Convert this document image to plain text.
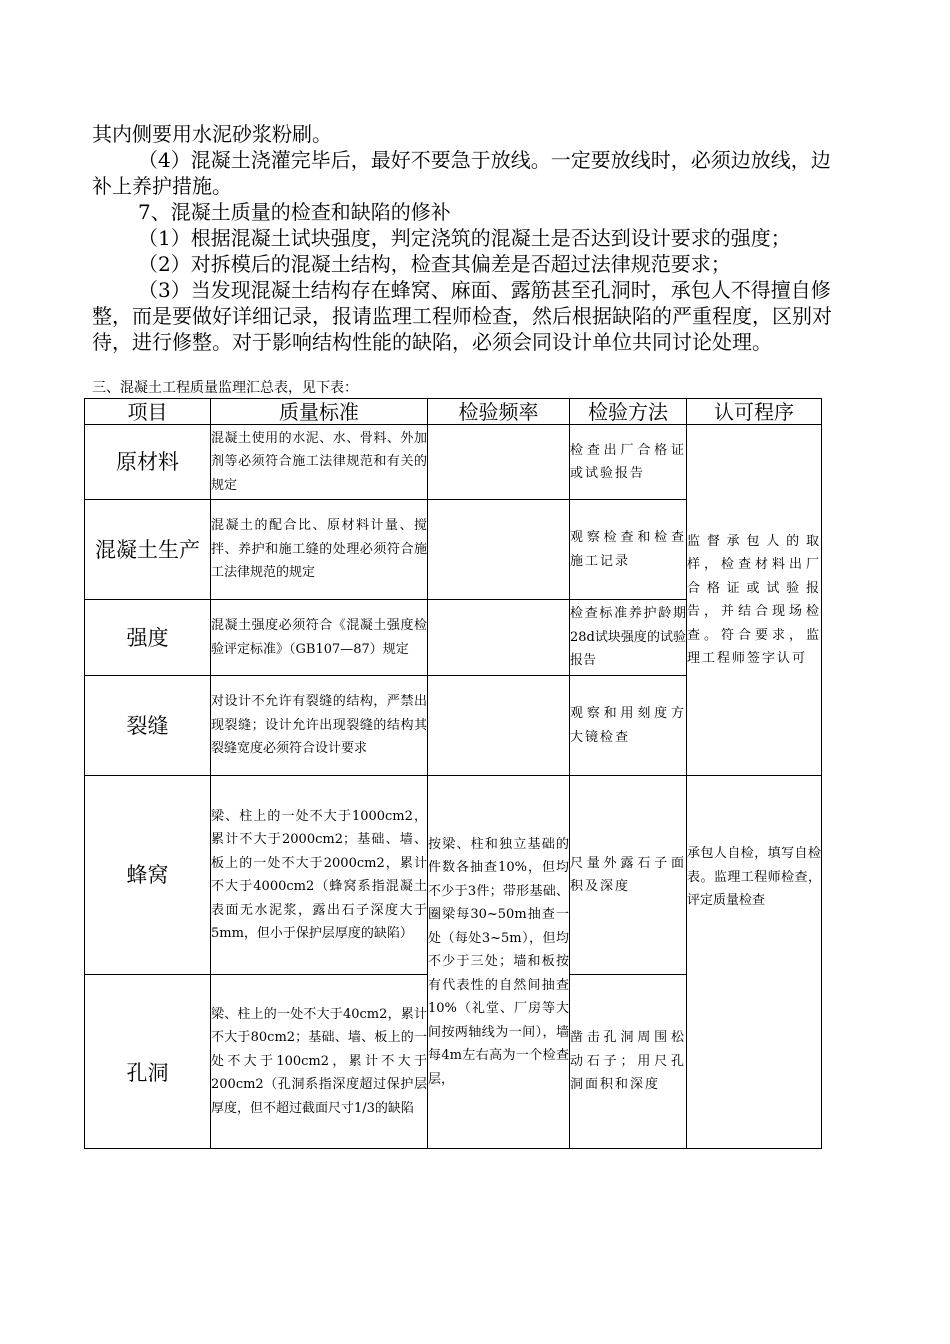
其内侧要用水泥砂浆粉刷。
（4）混凝土浇灌完毕后，最好不要急于放线。一定要放线时，必须边放线，边补上养护措施。
7、混凝土质量的检查和缺陷的修补
（1）根据混凝土试块强度，判定浇筑的混凝土是否达到设计要求的强度；
（2）对拆模后的混凝土结构，检查其偏差是否超过法律规范要求；
（3）当发现混凝土结构存在蜂窝、麻面、露筋甚至孔洞时，承包人不得擅自修整，而是要做好详细记录，报请监理工程师检查，然后根据缺陷的严重程度，区别对待，进行修整。对于影响结构性能的缺陷，必须会同设计单位共同讨论处理。
三、混凝土工程质量监理汇总表，见下表：
项目	质量标准	检验频率	检验方法	认可程序
原材料	混凝土使用的水泥、水、骨料、外加剂等必须符合施工法律规范和有关的规定		检查出厂合格证或试验报告	监督承包人的取样，检查材料出厂合格证或试验报告，并结合现场检查。符合要求，监理工程师签字认可
混凝土生产	混凝土的配合比、原材料计量、搅拌、养护和施工缝的处理必须符合施工法律规范的规定		观察检查和检查施工记录	
强度	混凝土强度必须符合《混凝土强度检验评定标准》（GB107—87）规定		检查标准养护龄期28d试块强度的试验报告	
裂缝	对设计不允许有裂缝的结构，严禁出现裂缝；设计允许出现裂缝的结构其裂缝宽度必须符合设计要求		观察和用刻度方大镜检查	
蜂窝	梁、柱上的一处不大于1000cm2，累计不大于2000cm2；基础、墙、板上的一处不大于2000cm2，累计不大于4000cm2（蜂窝系指混凝土表面无水泥浆，露出石子深度大于5mm，但小于保护层厚度的缺陷）	按梁、柱和独立基础的件数各抽查10%，但均不少于3件；带形基础、圈梁每30~50m抽查一处（每处3~5m），但均不少于三处；墙和板按有代表性的自然间抽查10%（礼堂、厂房等大间按两轴线为一间），墙每4m左右高为一个检查层，	尺量外露石子面积及深度	承包人自检，填写自检表。监理工程师检查，评定质量检查
孔洞	梁、柱上的一处不大于40cm2，累计不大于80cm2；基础、墙、板上的一处不大于100cm2，累计不大于200cm2（孔洞系指深度超过保护层厚度，但不超过截面尺寸1/3的缺陷		凿击孔洞周围松动石子；用尺孔洞面积和深度	
